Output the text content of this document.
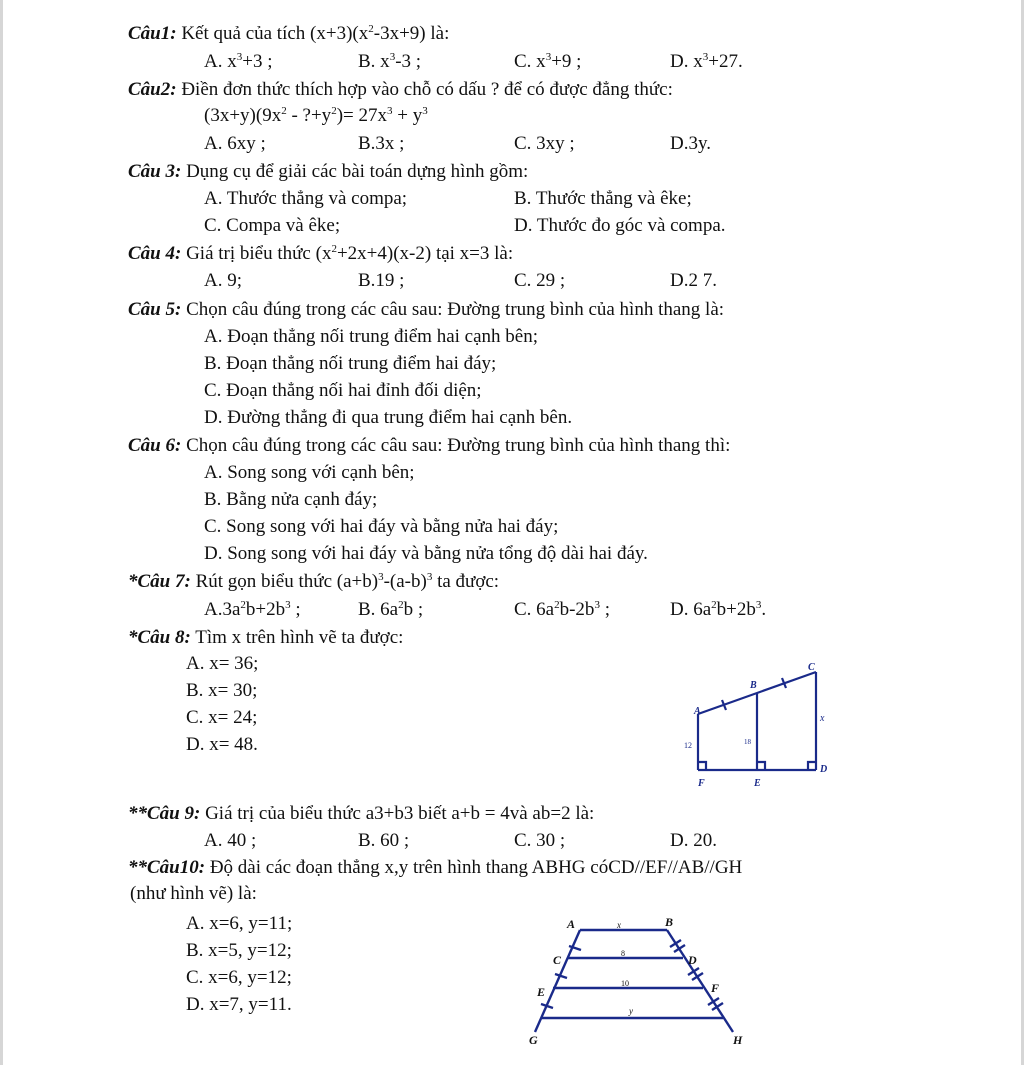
Câu1: Kết quả của tích $(x+3)(x^2-3x+9)$ là:
A. $x^3+3$ ;	B. $x^3-3$ ;	C. $x^3+9$ ;	D. $x^3+27$.
Câu2: Điền đơn thức thích hợp vào chỗ có dấu ? để có được đẳng thức:
$(3x+y)(9x^2$ - $?+y^2)= 27x^3 + y^3$
A. 6xy ;	B.3x ;	C. 3xy ;	D.3y.
Câu 3: Dụng cụ để giải các bài toán dựng hình gồm:
A. Thước thẳng và compa;	B. Thước thẳng và êke;
C. Compa và êke;	D. Thước đo góc và compa.
Câu 4: Giá trị biểu thức $(x^2+2x+4)(x-2)$ tại x=3 là:
A. 9;	B.19 ;	C. 29 ;	D.2 7.
Câu 5: Chọn câu đúng trong các câu sau: Đường trung bình của hình thang là:
A. Đoạn thẳng nối trung điểm hai cạnh bên;
B. Đoạn thẳng nối trung điểm hai đáy;
C. Đoạn thẳng nối hai đỉnh đối diện;
D. Đường thẳng đi qua trung điểm hai cạnh bên.
Câu 6: Chọn câu đúng trong các câu sau: Đường trung bình của hình thang thì:
A. Song song với cạnh bên;
B. Bằng nửa cạnh đáy;
C. Song song với hai đáy và bằng nửa hai đáy;
D. Song song với hai đáy và bằng nửa tổng độ dài hai đáy.
*Câu 7: Rút gọn biểu thức $(a+b)^3-(a-b)^3$ ta được:
$A.3a^2b+2b^3$ ;	B. $6a^2b$ ;	C. $6a^2b-2b^3$ ;	D. $6a^2b+2b^3$.
*Câu 8: Tìm x trên hình vẽ ta được:
A. x= 36;
B. x= 30;
C. x= 24;
D. x= 48.
C
B
A
x
12	18
F	E
D
**Câu 9: Giá trị của biểu thức a3+b3 biết a+b = 4và ab=2 là:
A. 40 ;	B. 60 ;	C. 30 ;	D. 20.
**Câu10: Độ dài các đoạn thẳng x,y trên hình thang ABHG cóCD//EF//AB//GH
(như hình vẽ) là:
A. x=6, y=11;
B. x=5, y=12;
C. x=6, y=12;
D. x=7, y=11.
A	x	B
C	8	D
E
10	F
y
G	H
